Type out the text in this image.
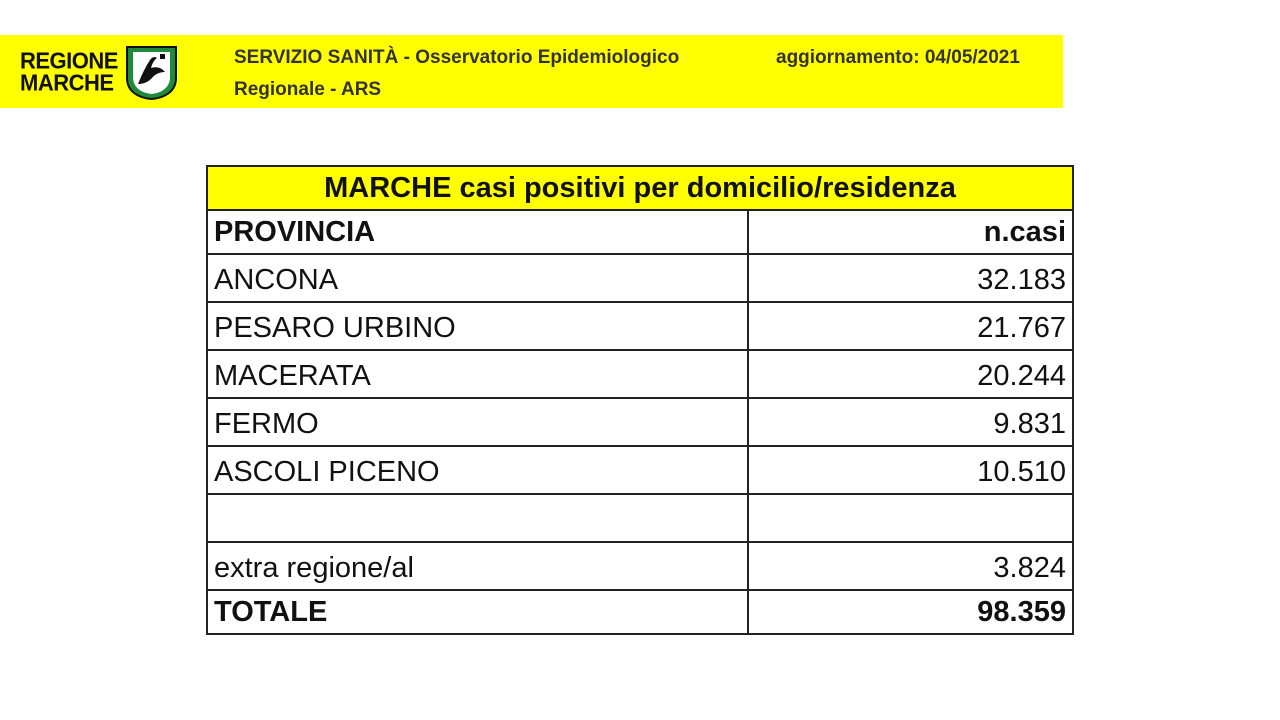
REGIONE
MARCHE
SERVIZIO SANITÀ - Osservatorio Epidemiologico
Regionale - ARS
aggiornamento: 04/05/2021
MARCHE casi positivi per domicilio/residenza	
PROVINCIA	n.casi
ANCONA	32.183
PESARO URBINO	21.767
MACERATA	20.244
FERMO	9.831
ASCOLI PICENO	10.510

extra regione/al	3.824
TOTALE	98.359
